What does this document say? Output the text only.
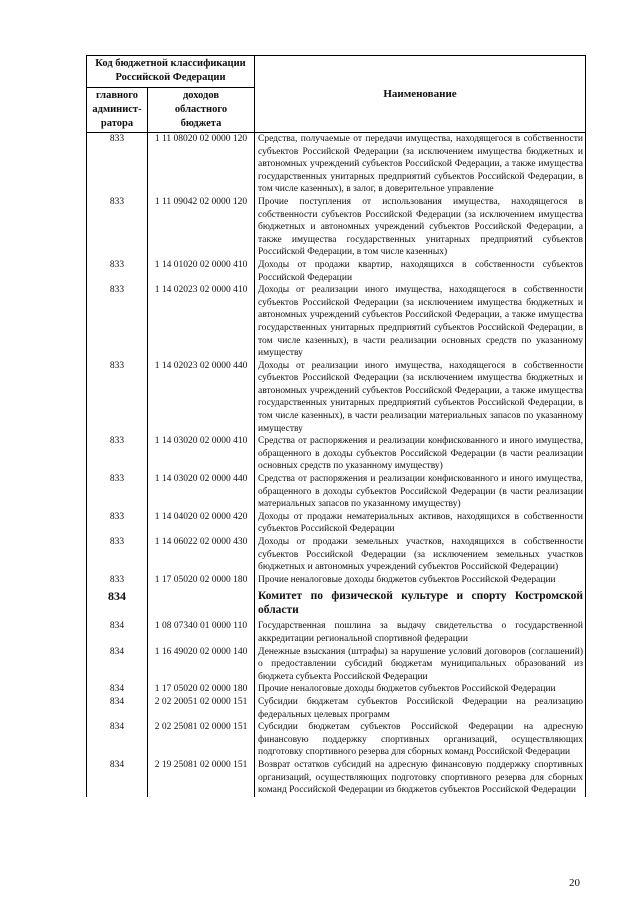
Код бюджетной классификации Российской Федерации
главного
админист-
ратора
доходов
областного
бюджета
Наименование
833	1 11 08020 02 0000 120	Средства, получаемые от передачи имущества, находящегося в собственности субъектов Российской Федерации (за исключением имущества бюджетных и автономных учреждений субъектов Российской Федерации, а также имущества государственных унитарных предприятий субъектов Российской Федерации, в том числе казенных), в залог, в доверительное управление
833	1 11 09042 02 0000 120	Прочие поступления от использования имущества, находящегося в собственности субъектов Российской Федерации (за исключением имущества бюджетных и автономных учреждений субъектов Российской Федерации, а также имущества государственных унитарных предприятий субъектов Российской Федерации, в том числе казенных)
833	1 14 01020 02 0000 410	Доходы от продажи квартир, находящихся в собственности субъектов Российской Федерации
833	1 14 02023 02 0000 410	Доходы от реализации иного имущества, находящегося в собственности субъектов Российской Федерации (за исключением имущества бюджетных и автономных учреждений субъектов Российской Федерации, а также имущества государственных унитарных предприятий субъектов Российской Федерации, в том числе казенных), в части реализации основных средств по указанному имуществу
833	1 14 02023 02 0000 440	Доходы от реализации иного имущества, находящегося в собственности субъектов Российской Федерации (за исключением имущества бюджетных и автономных учреждений субъектов Российской Федерации, а также имущества государственных унитарных предприятий субъектов Российской Федерации, в том числе казенных), в части реализации материальных запасов по указанному имуществу
833	1 14 03020 02 0000 410	Средства от распоряжения и реализации конфискованного и иного имущества, обращенного в доходы субъектов Российской Федерации (в части реализации основных средств по указанному имуществу)
833	1 14 03020 02 0000 440	Средства от распоряжения и реализации конфискованного и иного имущества, обращенного в доходы субъектов Российской Федерации (в части реализации материальных запасов по указанному имуществу)
833	1 14 04020 02 0000 420	Доходы от продажи нематериальных активов, находящихся в собственности субъектов Российской Федерации
833	1 14 06022 02 0000 430	Доходы от продажи земельных участков, находящихся в собственности субъектов Российской Федерации (за исключением земельных участков бюджетных и автономных учреждений субъектов Российской Федерации)
833	1 17 05020 02 0000 180	Прочие неналоговые доходы бюджетов субъектов Российской Федерации
834	Комитет по физической культуре и спорту Костромской области
834	1 08 07340 01 0000 110	Государственная пошлина за выдачу свидетельства о государственной аккредитации региональной спортивной федерации
834	1 16 49020 02 0000 140	Денежные взыскания (штрафы) за нарушение условий договоров (соглашений) о предоставлении субсидий бюджетам муниципальных образований из бюджета субъекта Российской Федерации
834	1 17 05020 02 0000 180	Прочие неналоговые доходы бюджетов субъектов Российской Федерации
834	2 02 20051 02 0000 151	Субсидии бюджетам субъектов Российской Федерации на реализацию федеральных целевых программ
834	2 02 25081 02 0000 151	Субсидии бюджетам субъектов Российской Федерации на адресную финансовую поддержку спортивных организаций, осуществляющих подготовку спортивного резерва для сборных команд Российской Федерации
834	2 19 25081 02 0000 151	Возврат остатков субсидий на адресную финансовую поддержку спортивных организаций, осуществляющих подготовку спортивного резерва для сборных команд Российской Федерации из бюджетов субъектов Российской Федерации
20
